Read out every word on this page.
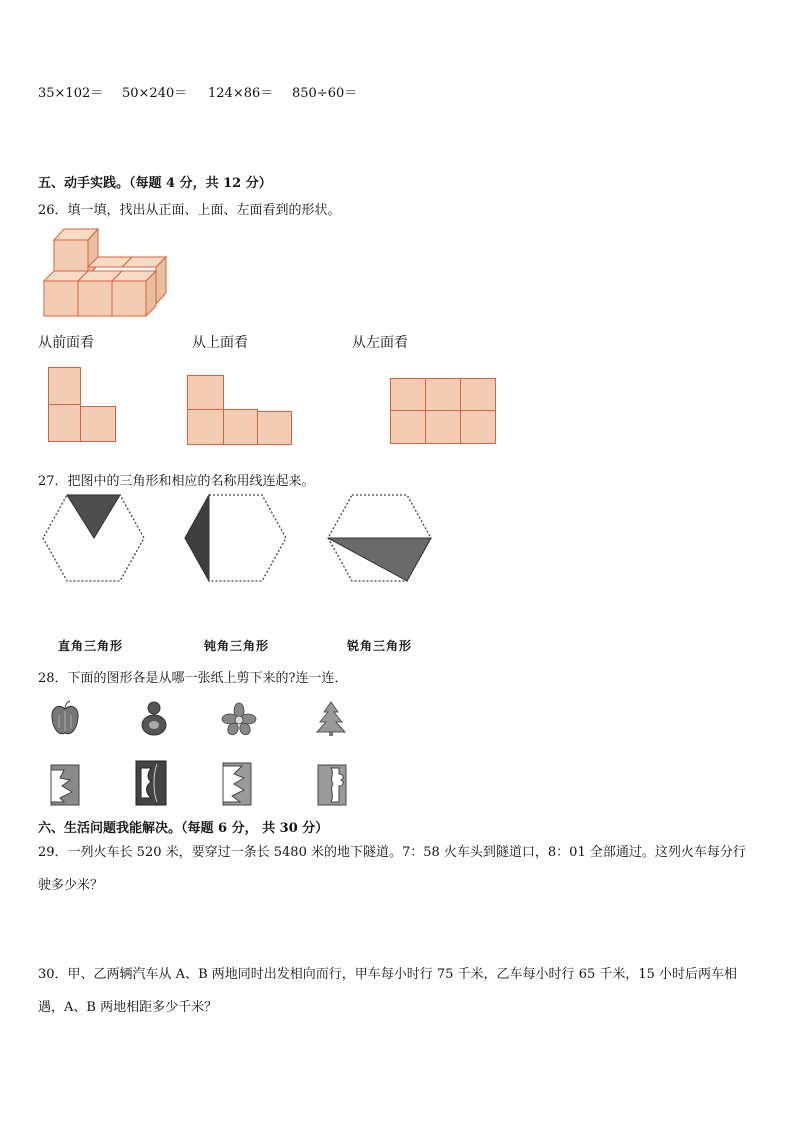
35×102＝ 50×240＝ 124×86＝ 850÷60＝
五、动手实践。（每题 4 分，共 12 分）
26．填一填，找出从正面、上面、左面看到的形状。
从前面看	从上面看	从左面看
27．把图中的三角形和相应的名称用线连起来。
直角三角形	钝角三角形	锐角三角形
28．下面的图形各是从哪一张纸上剪下来的?连一连．
六、生活问题我能解决。（每题 6 分， 共 30 分）
29．一列火车长 520 米，要穿过一条长 5480 米的地下隧道。7：58 火车头到隧道口，8：01 全部通过。这列火车每分行驶多少米？
30．甲、乙两辆汽车从 A、B 两地同时出发相向而行，甲车每小时行 75 千米，乙车每小时行 65 千米，15 小时后两车相遇，A、B 两地相距多少千米？
